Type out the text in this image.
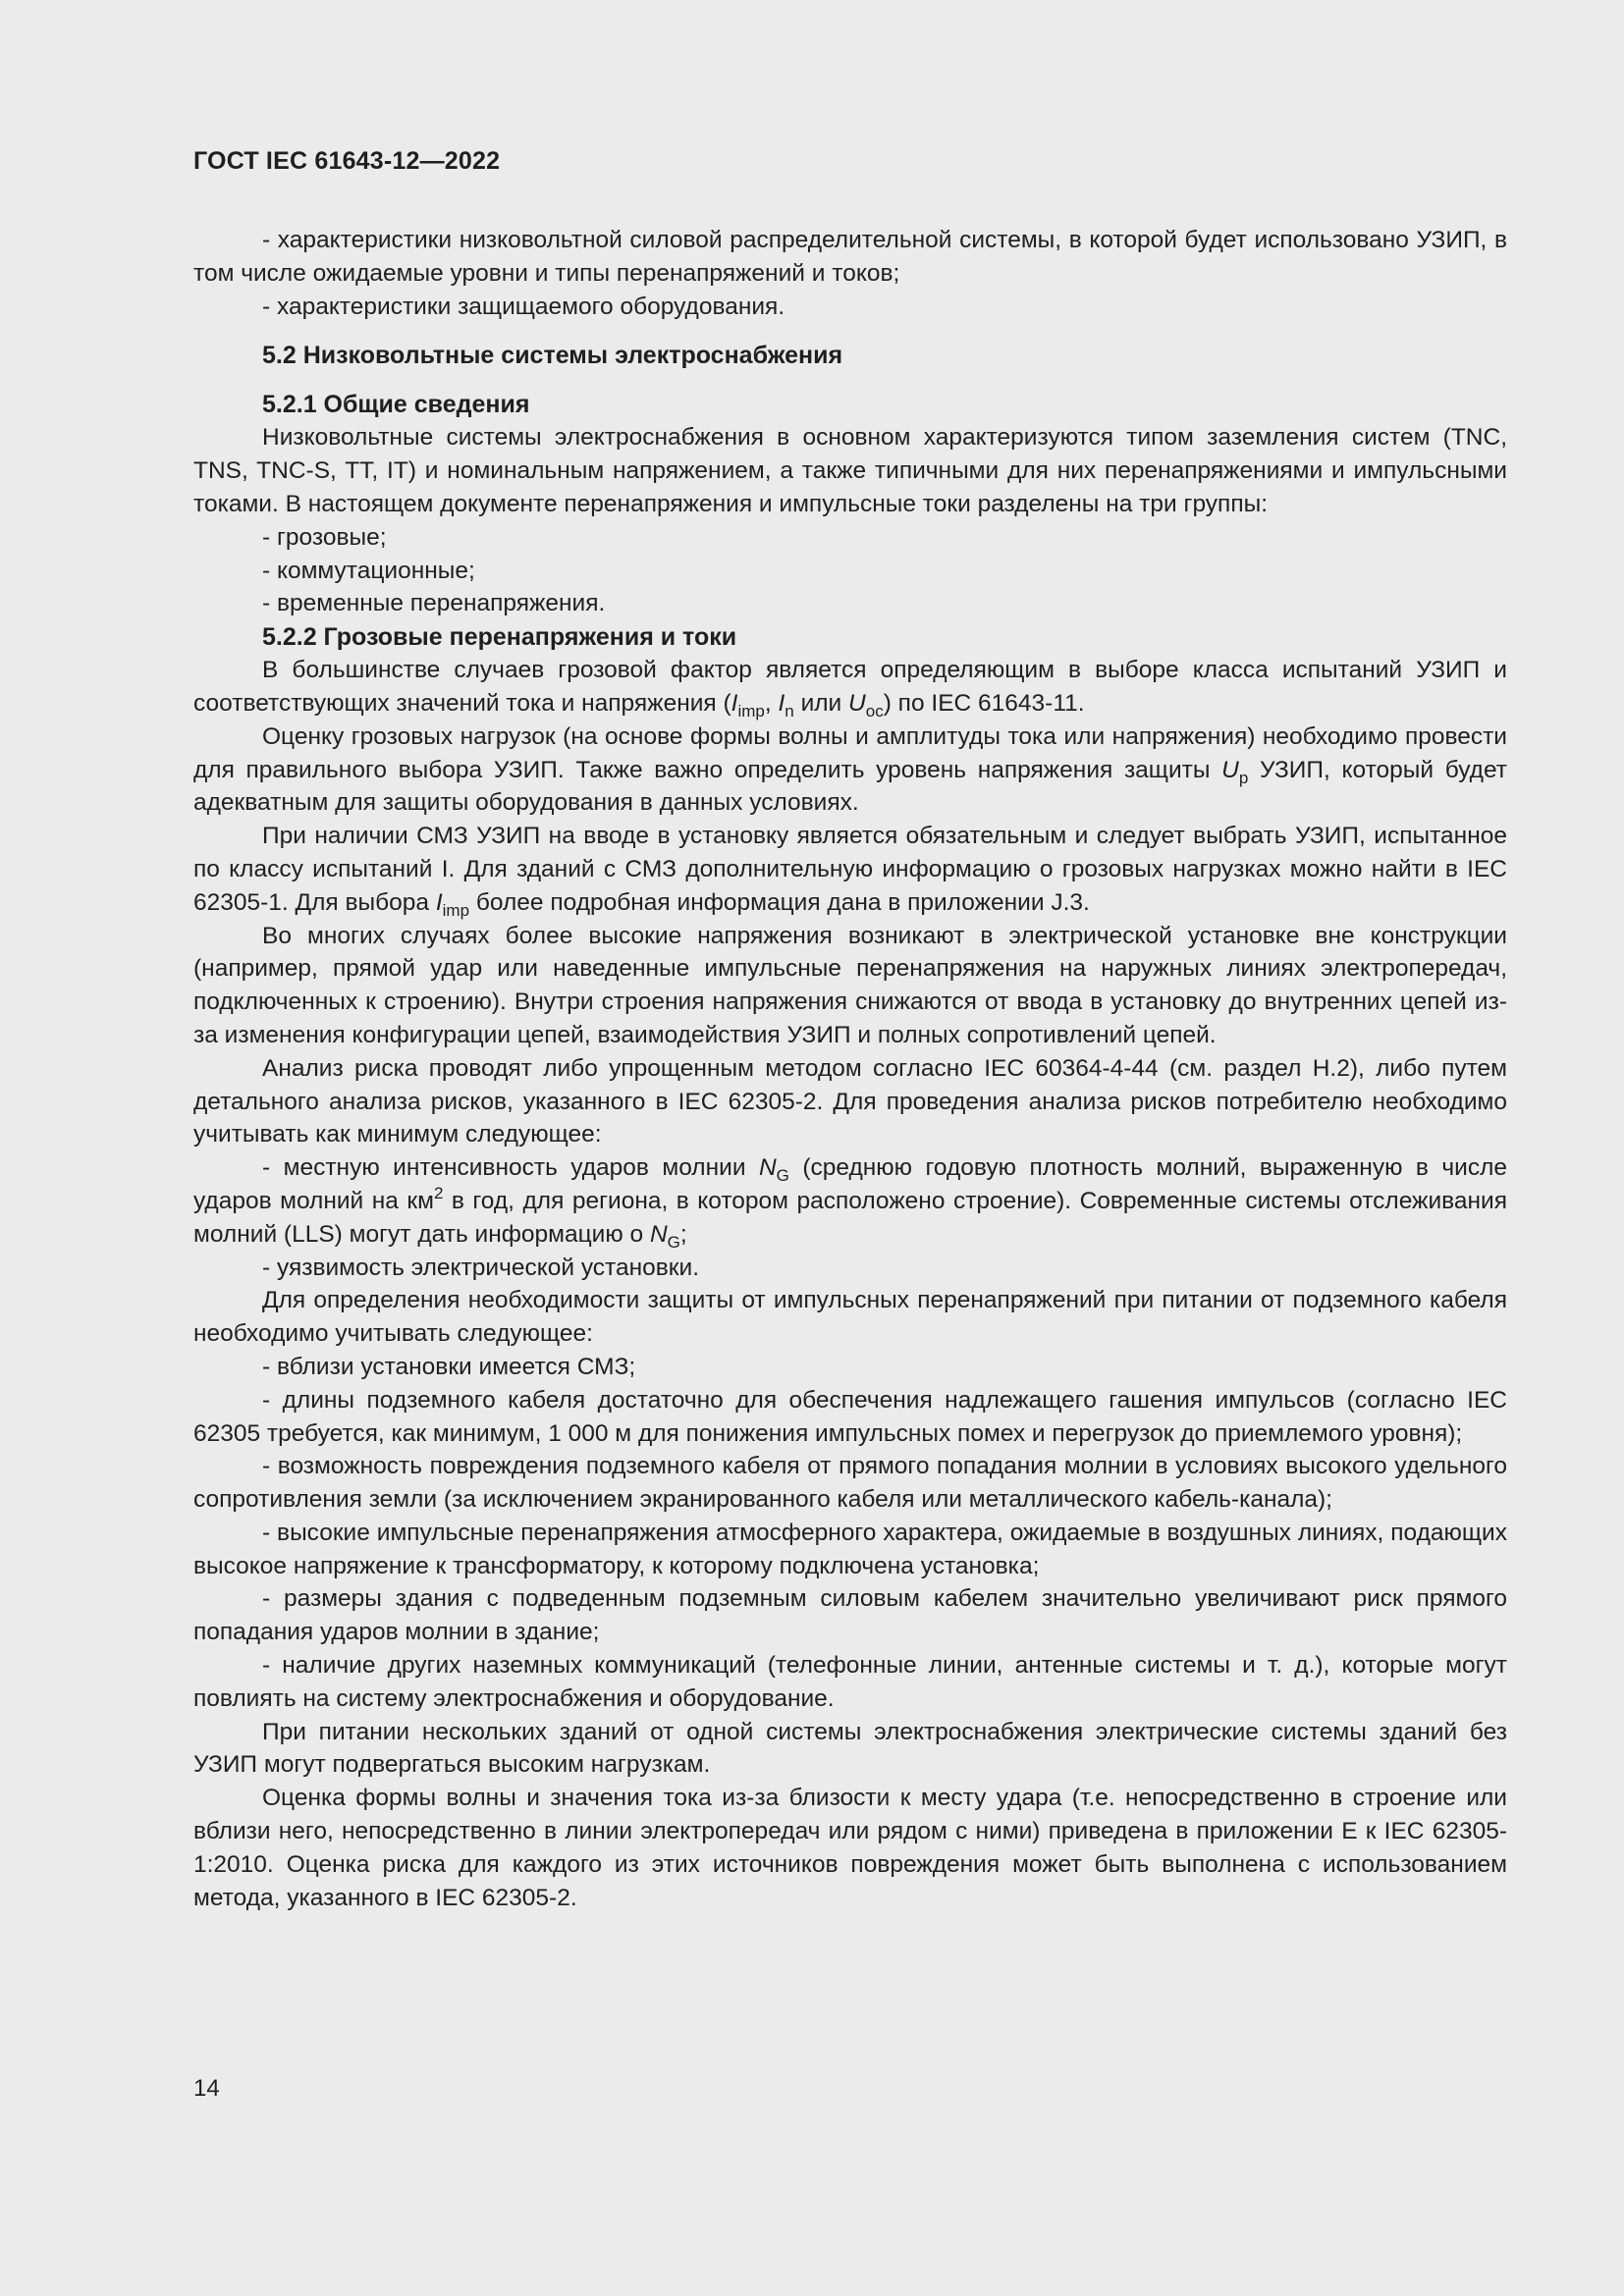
ГОСТ IEC 61643-12—2022

- характеристики низковольтной силовой распределительной системы, в которой будет использовано УЗИП, в том числе ожидаемые уровни и типы перенапряжений и токов;

- характеристики защищаемого оборудования.

5.2 Низковольтные системы электроснабжения
5.2.1 Общие сведения

Низковольтные системы электроснабжения в основном характеризуются типом заземления систем (TNC, TNS, TNC-S, TT, IT) и номинальным напряжением, а также типичными для них перенапряжениями и импульсными токами. В настоящем документе перенапряжения и импульсные токи разделены на три группы:

- грозовые;

- коммутационные;

- временные перенапряжения.

5.2.2 Грозовые перенапряжения и токи

В большинстве случаев грозовой фактор является определяющим в выборе класса испытаний УЗИП и соответствующих значений тока и напряжения ($I_{imp}$, $I_n$ или $U_{oc}$) по IEC 61643-11.

Оценку грозовых нагрузок (на основе формы волны и амплитуды тока или напряжения) необходимо провести для правильного выбора УЗИП. Также важно определить уровень напряжения защиты $U_p$ УЗИП, который будет адекватным для защиты оборудования в данных условиях.

При наличии СМЗ УЗИП на вводе в установку является обязательным и следует выбрать УЗИП, испытанное по классу испытаний I. Для зданий с СМЗ дополнительную информацию о грозовых нагрузках можно найти в IEC 62305-1. Для выбора $I_{imp}$ более подробная информация дана в приложении J.3.

Во многих случаях более высокие напряжения возникают в электрической установке вне конструкции (например, прямой удар или наведенные импульсные перенапряжения на наружных линиях электропередач, подключенных к строению). Внутри строения напряжения снижаются от ввода в установку до внутренних цепей из-за изменения конфигурации цепей, взаимодействия УЗИП и полных сопротивлений цепей.

Анализ риска проводят либо упрощенным методом согласно IEC 60364-4-44 (см. раздел Н.2), либо путем детального анализа рисков, указанного в IEC 62305-2. Для проведения анализа рисков потребителю необходимо учитывать как минимум следующее:

- местную интенсивность ударов молнии $N_G$ (среднюю годовую плотность молний, выраженную в числе ударов молний на $км^2$ в год, для региона, в котором расположено строение). Современные системы отслеживания молний (LLS) могут дать информацию о $N_G$;

- уязвимость электрической установки.

Для определения необходимости защиты от импульсных перенапряжений при питании от подземного кабеля необходимо учитывать следующее:

- вблизи установки имеется СМЗ;

- длины подземного кабеля достаточно для обеспечения надлежащего гашения импульсов (согласно IEC 62305 требуется, как минимум, 1 000 м для понижения импульсных помех и перегрузок до приемлемого уровня);

- возможность повреждения подземного кабеля от прямого попадания молнии в условиях высокого удельного сопротивления земли (за исключением экранированного кабеля или металлического кабель-канала);

- высокие импульсные перенапряжения атмосферного характера, ожидаемые в воздушных линиях, подающих высокое напряжение к трансформатору, к которому подключена установка;

- размеры здания с подведенным подземным силовым кабелем значительно увеличивают риск прямого попадания ударов молнии в здание;

- наличие других наземных коммуникаций (телефонные линии, антенные системы и т. д.), которые могут повлиять на систему электроснабжения и оборудование.

При питании нескольких зданий от одной системы электроснабжения электрические системы зданий без УЗИП могут подвергаться высоким нагрузкам.

Оценка формы волны и значения тока из-за близости к месту удара (т.е. непосредственно в строение или вблизи него, непосредственно в линии электропередач или рядом с ними) приведена в приложении Е к IEC 62305-1:2010. Оценка риска для каждого из этих источников повреждения может быть выполнена с использованием метода, указанного в IEC 62305-2.

14
